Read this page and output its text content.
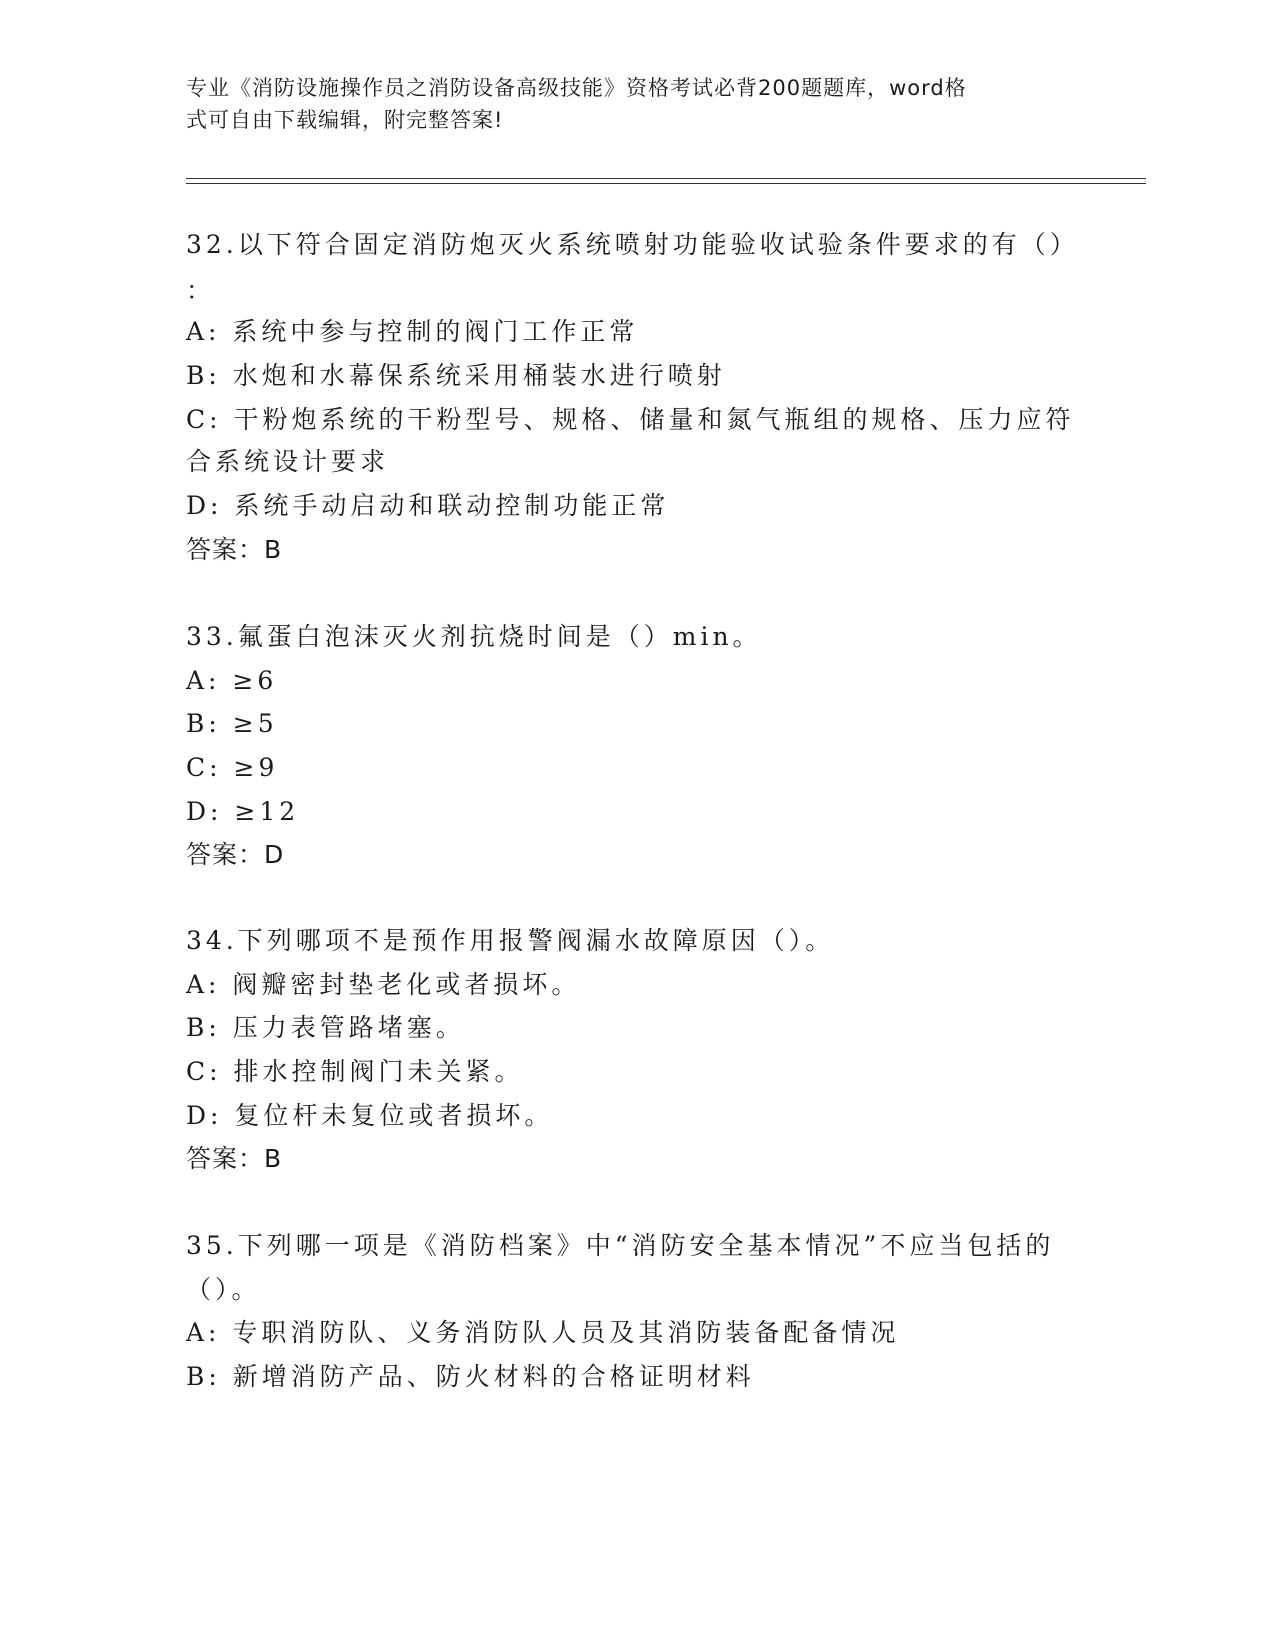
专业《消防设施操作员之消防设备高级技能》资格考试必背200题题库，word格
式可自由下载编辑，附完整答案!
32.以下符合固定消防炮灭火系统喷射功能验收试验条件要求的有（）
：
A: 系统中参与控制的阀门工作正常
B: 水炮和水幕保系统采用桶装水进行喷射
C: 干粉炮系统的干粉型号、规格、储量和氮气瓶组的规格、压力应符
合系统设计要求
D: 系统手动启动和联动控制功能正常
答案：B
33.氟蛋白泡沫灭火剂抗烧时间是（）min。
A: ≥6
B: ≥5
C: ≥9
D: ≥12
答案：D
34.下列哪项不是预作用报警阀漏水故障原因（）。
A: 阀瓣密封垫老化或者损坏。
B: 压力表管路堵塞。
C: 排水控制阀门未关紧。
D: 复位杆未复位或者损坏。
答案：B
35.下列哪一项是《消防档案》中“消防安全基本情况”不应当包括的
（）。
A: 专职消防队、义务消防队人员及其消防装备配备情况
B: 新增消防产品、防火材料的合格证明材料
